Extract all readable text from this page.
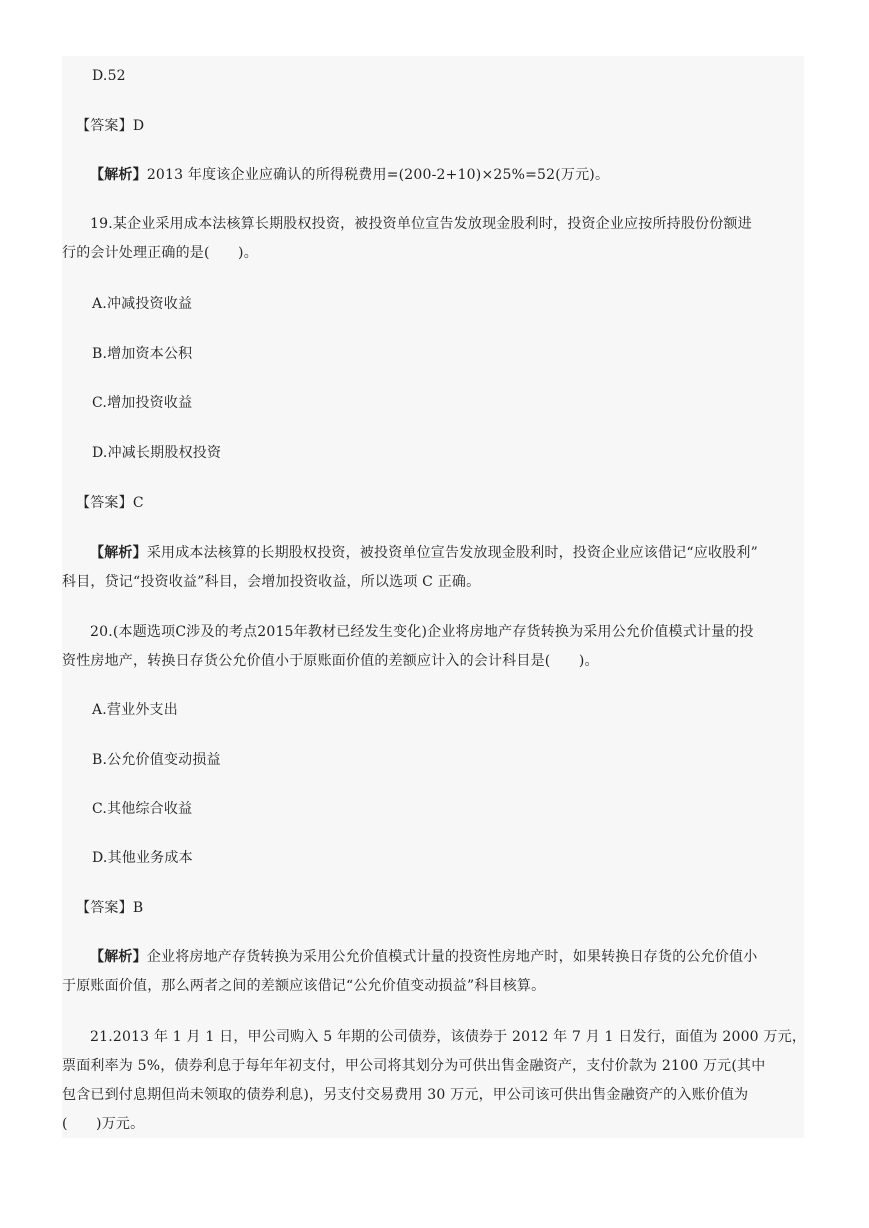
D.52
【答案】D
【解析】2013 年度该企业应确认的所得税费用=(200-2+10)×25%=52(万元)。
19.某企业采用成本法核算长期股权投资，被投资单位宣告发放现金股利时，投资企业应按所持股份份额进
行的会计处理正确的是(　　)。
A.冲减投资收益
B.增加资本公积
C.增加投资收益
D.冲减长期股权投资
【答案】C
【解析】采用成本法核算的长期股权投资，被投资单位宣告发放现金股利时，投资企业应该借记“应收股利”
科目，贷记“投资收益”科目，会增加投资收益，所以选项 C 正确。
20.(本题选项C涉及的考点2015年教材已经发生变化)企业将房地产存货转换为采用公允价值模式计量的投
资性房地产，转换日存货公允价值小于原账面价值的差额应计入的会计科目是(　　)。
A.营业外支出
B.公允价值变动损益
C.其他综合收益
D.其他业务成本
【答案】B
【解析】企业将房地产存货转换为采用公允价值模式计量的投资性房地产时，如果转换日存货的公允价值小
于原账面价值，那么两者之间的差额应该借记“公允价值变动损益”科目核算。
21.2013 年 1 月 1 日，甲公司购入 5 年期的公司债券，该债券于 2012 年 7 月 1 日发行，面值为 2000 万元，
票面利率为 5%，债券利息于每年年初支付，甲公司将其划分为可供出售金融资产，支付价款为 2100 万元(其中
包含已到付息期但尚未领取的债券利息)，另支付交易费用 30 万元，甲公司该可供出售金融资产的入账价值为
(　　)万元。
